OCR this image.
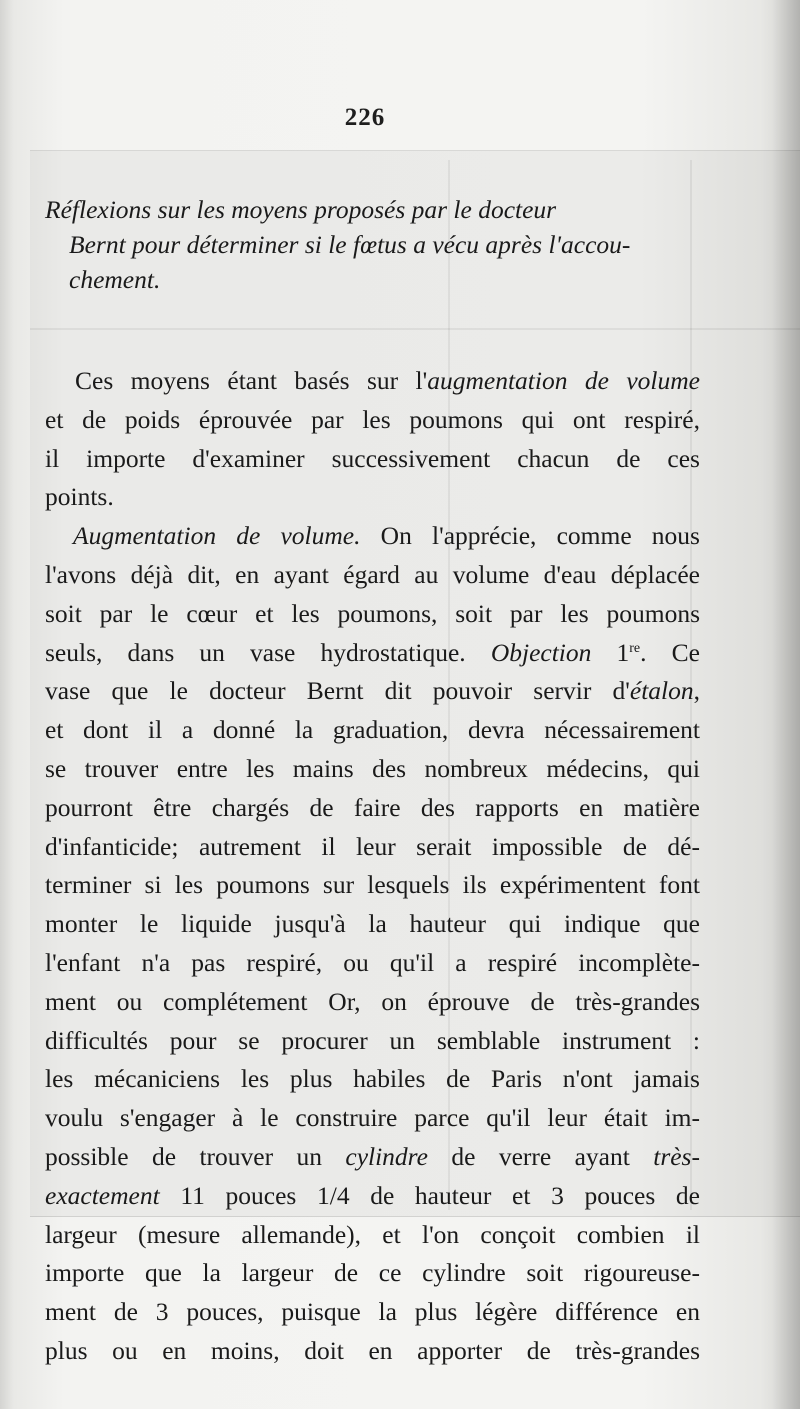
226
Réflexions sur les moyens proposés par le docteur
Bernt pour déterminer si le fœtus a vécu après l'accou-
chement.
Ces moyens étant basés sur l'augmentation de volume
et de poids éprouvée par les poumons qui ont respiré,
il importe d'examiner successivement chacun de ces
points.
Augmentation de volume. On l'apprécie, comme nous
l'avons déjà dit, en ayant égard au volume d'eau déplacée
soit par le cœur et les poumons, soit par les poumons
seuls, dans un vase hydrostatique. Objection 1re. Ce
vase que le docteur Bernt dit pouvoir servir d'étalon,
et dont il a donné la graduation, devra nécessairement
se trouver entre les mains des nombreux médecins, qui
pourront être chargés de faire des rapports en matière
d'infanticide; autrement il leur serait impossible de dé-
terminer si les poumons sur lesquels ils expérimentent font
monter le liquide jusqu'à la hauteur qui indique que
l'enfant n'a pas respiré, ou qu'il a respiré incomplète-
ment ou complétement Or, on éprouve de très-grandes
difficultés pour se procurer un semblable instrument :
les mécaniciens les plus habiles de Paris n'ont jamais
voulu s'engager à le construire parce qu'il leur était im-
possible de trouver un cylindre de verre ayant très-
exactement 11 pouces 1/4 de hauteur et 3 pouces de
largeur (mesure allemande), et l'on conçoit combien il
importe que la largeur de ce cylindre soit rigoureuse-
ment de 3 pouces, puisque la plus légère différence en
plus ou en moins, doit en apporter de très-grandes
